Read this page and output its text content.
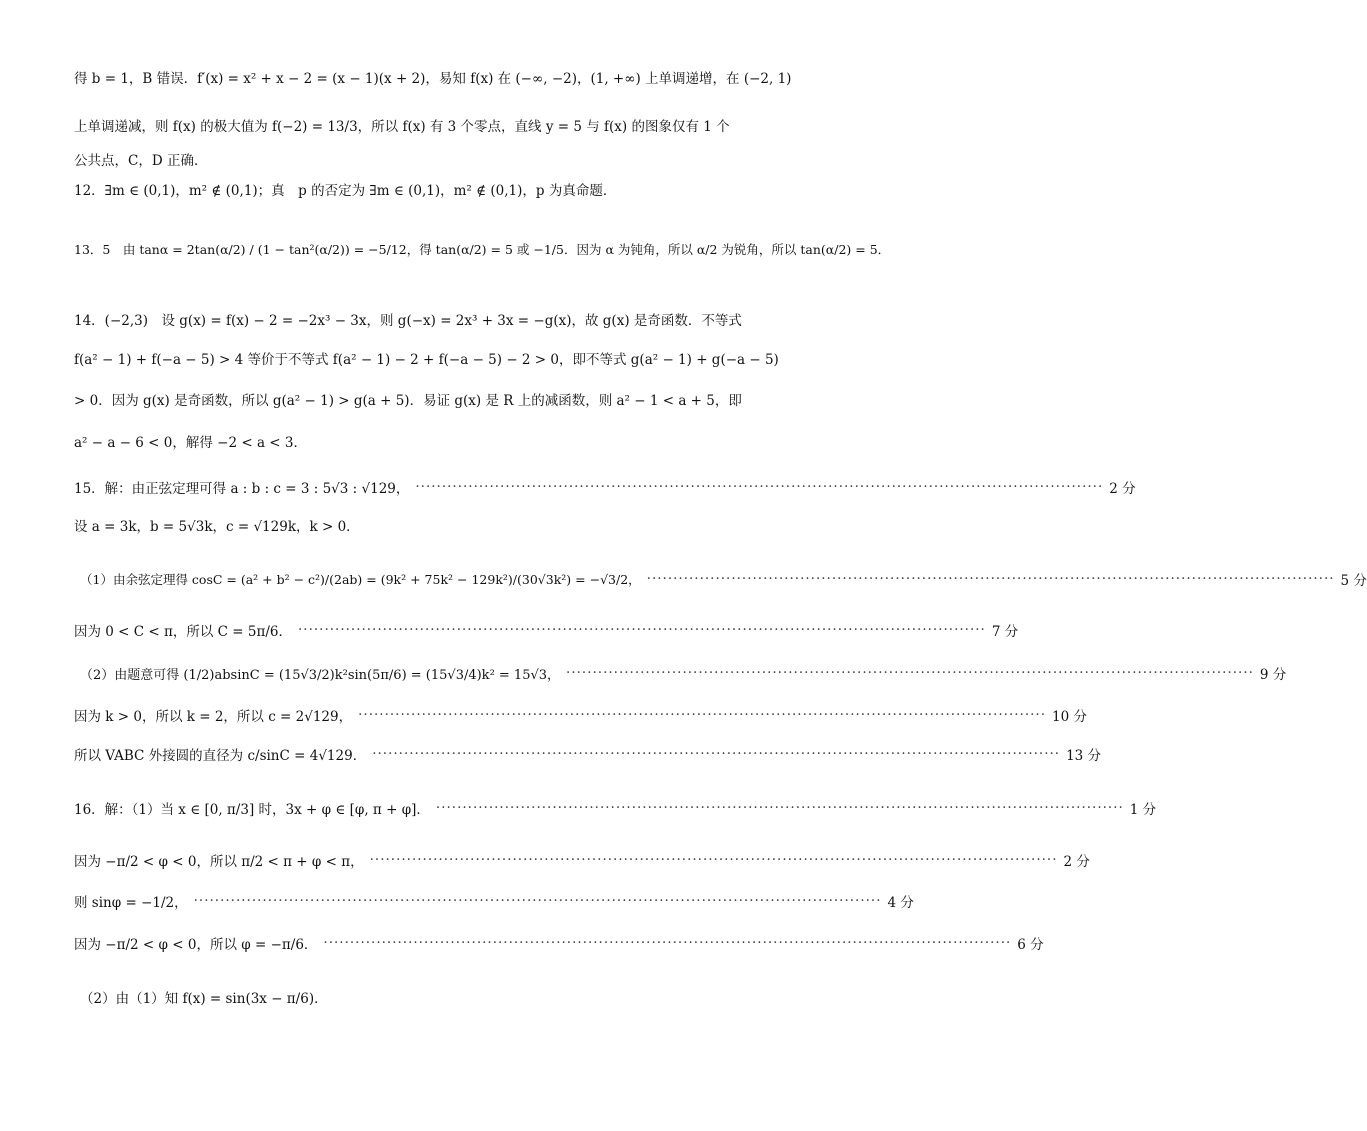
得 b = 1，B 错误．f′(x) = x² + x − 2 = (x − 1)(x + 2)，易知 f(x) 在 (−∞, −2)，(1, +∞) 上单调递增，在 (−2, 1)
上单调递减，则 f(x) 的极大值为 f(−2) = 13/3，所以 f(x) 有 3 个零点，直线 y = 5 与 f(x) 的图象仅有 1 个
公共点，C，D 正确．
12．∃m ∈ (0,1)，m² ∉ (0,1)；真　p 的否定为 ∃m ∈ (0,1)，m² ∉ (0,1)，p 为真命题．
13．5　由 tanα = 2tan(α/2) / (1 − tan²(α/2)) = −5/12，得 tan(α/2) = 5 或 −1/5．因为 α 为钝角，所以 α/2 为锐角，所以 tan(α/2) = 5．
14．(−2,3)　设 g(x) = f(x) − 2 = −2x³ − 3x，则 g(−x) = 2x³ + 3x = −g(x)，故 g(x) 是奇函数．不等式
f(a² − 1) + f(−a − 5) > 4 等价于不等式 f(a² − 1) − 2 + f(−a − 5) − 2 > 0，即不等式 g(a² − 1) + g(−a − 5)
> 0．因为 g(x) 是奇函数，所以 g(a² − 1) > g(a + 5)．易证 g(x) 是 R 上的减函数，则 a² − 1 < a + 5，即
a² − a − 6 < 0，解得 −2 < a < 3．
15．解：由正弦定理可得 a : b : c = 3 : 5√3 : √129， ·····	2 分
设 a = 3k，b = 5√3k，c = √129k，k > 0．
（1）由余弦定理得 cosC = (a² + b² − c²)/(2ab) = (9k² + 75k² − 129k²)/(30√3k²) = −√3/2， ·····	5 分
因为 0 < C < π，所以 C = 5π/6． ·····	7 分
（2）由题意可得 (1/2)absinC = (15√3/2)k²sin(5π/6) = (15√3/4)k² = 15√3， ·····	9 分
因为 k > 0，所以 k = 2，所以 c = 2√129， ·····	10 分
所以 VABC 外接圆的直径为 c/sinC = 4√129． ·····	13 分
16．解：（1）当 x ∈ [0, π/3] 时，3x + φ ∈ [φ, π + φ]． ·····	1 分
因为 −π/2 < φ < 0，所以 π/2 < π + φ < π， ·····	2 分
则 sinφ = −1/2， ·····	4 分
因为 −π/2 < φ < 0，所以 φ = −π/6． ·····	6 分
（2）由（1）知 f(x) = sin(3x − π/6)．
